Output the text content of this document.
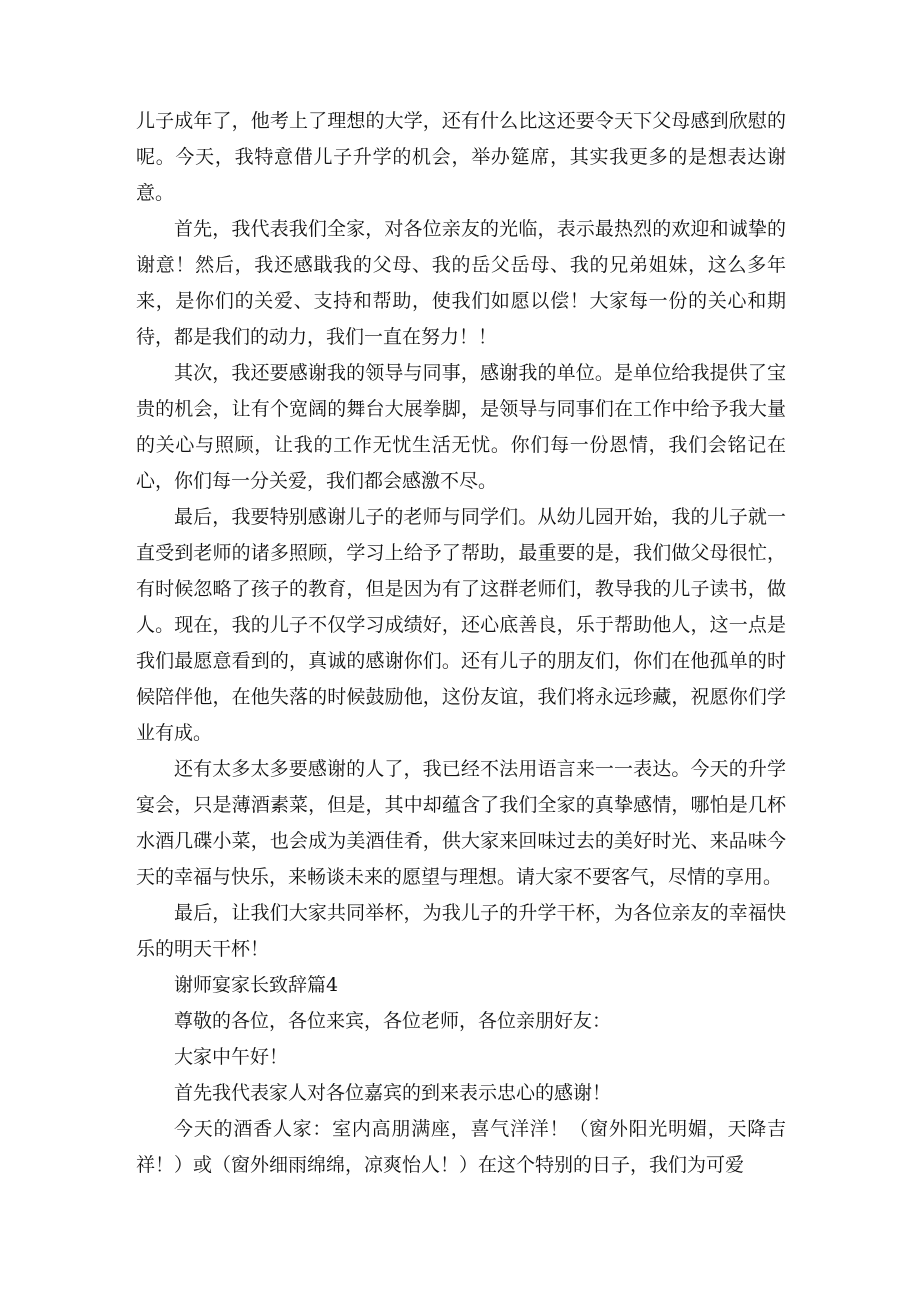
儿子成年了，他考上了理想的大学，还有什么比这还要令天下父母感到欣慰的呢。今天，我特意借儿子升学的机会，举办筵席，其实我更多的是想表达谢意。

首先，我代表我们全家，对各位亲友的光临，表示最热烈的欢迎和诚挚的谢意！然后，我还感戢我的父母、我的岳父岳母、我的兄弟姐妹，这么多年来，是你们的关爱、支持和帮助，使我们如愿以偿！大家每一份的关心和期待，都是我们的动力，我们一直在努力！！

其次，我还要感谢我的领导与同事，感谢我的单位。是单位给我提供了宝贵的机会，让有个宽阔的舞台大展拳脚，是领导与同事们在工作中给予我大量的关心与照顾，让我的工作无忧生活无忧。你们每一份恩情，我们会铭记在心，你们每一分关爱，我们都会感激不尽。

最后，我要特别感谢儿子的老师与同学们。从幼儿园开始，我的儿子就一直受到老师的诸多照顾，学习上给予了帮助，最重要的是，我们做父母很忙，有时候忽略了孩子的教育，但是因为有了这群老师们，教导我的儿子读书，做人。现在，我的儿子不仅学习成绩好，还心底善良，乐于帮助他人，这一点是我们最愿意看到的，真诚的感谢你们。还有儿子的朋友们，你们在他孤单的时候陪伴他，在他失落的时候鼓励他，这份友谊，我们将永远珍藏，祝愿你们学业有成。

还有太多太多要感谢的人了，我已经不法用语言来一一表达。今天的升学宴会，只是薄酒素菜，但是，其中却蕴含了我们全家的真挚感情，哪怕是几杯水酒几碟小菜，也会成为美酒佳肴，供大家来回味过去的美好时光、来品味今天的幸福与快乐，来畅谈未来的愿望与理想。请大家不要客气，尽情的享用。

最后，让我们大家共同举杯，为我儿子的升学干杯，为各位亲友的幸福快乐的明天干杯！

谢师宴家长致辞篇4

尊敬的各位，各位来宾，各位老师，各位亲朋好友：

大家中午好！

首先我代表家人对各位嘉宾的到来表示忠心的感谢！

今天的酒香人家：室内高朋满座，喜气洋洋！（窗外阳光明媚，天降吉祥！）或（窗外细雨绵绵，凉爽怡人！）在这个特别的日子，我们为可爱
